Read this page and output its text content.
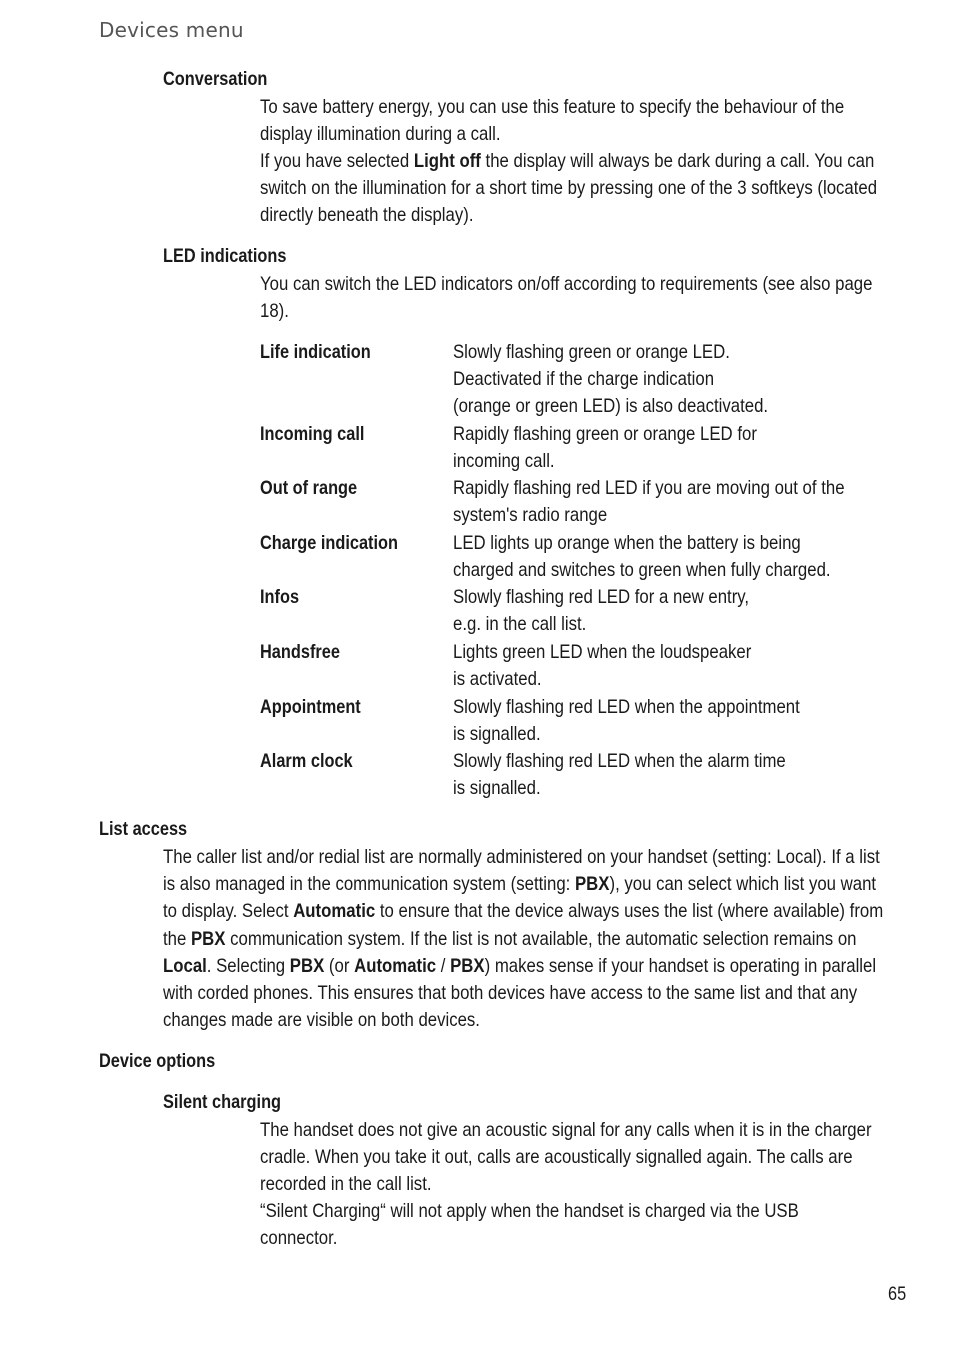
Devices menu
Conversation
To save battery energy, you can use this feature to specify the behaviour of the display illumination during a call.
If you have selected Light off the display will always be dark during a call. You can switch on the illumination for a short time by pressing one of the 3 softkeys (located directly beneath the display).
LED indications
You can switch the LED indicators on/off according to requirements (see also page 18).
Life indication	Slowly flashing green or orange LED.
Deactivated if the charge indication
(orange or green LED) is also deactivated.
Incoming call	Rapidly flashing green or orange LED for
incoming call.
Out of range	Rapidly flashing red LED if you are moving out of the
system's radio range
Charge indication	LED lights up orange when the battery is being
charged and switches to green when fully charged.
Infos	Slowly flashing red LED for a new entry,
e.g. in the call list.
Handsfree	Lights green LED when the loudspeaker
is activated.
Appointment	Slowly flashing red LED when the appointment
is signalled.
Alarm clock	Slowly flashing red LED when the alarm time
is signalled.
List access
The caller list and/or redial list are normally administered on your handset (setting: Local). If a list is also managed in the communication system (setting: PBX), you can select which list you want to display. Select Automatic to ensure that the device always uses the list (where available) from the PBX communication system. If the list is not available, the automatic selection remains on Local. Selecting PBX (or Automatic / PBX) makes sense if your handset is operating in parallel with corded phones. This ensures that both devices have access to the same list and that any changes made are visible on both devices.
Device options
Silent charging
The handset does not give an acoustic signal for any calls when it is in the charger cradle. When you take it out, calls are acoustically signalled again. The calls are recorded in the call list.
“Silent Charging“ will not apply when the handset is charged via the USB connector.
65
